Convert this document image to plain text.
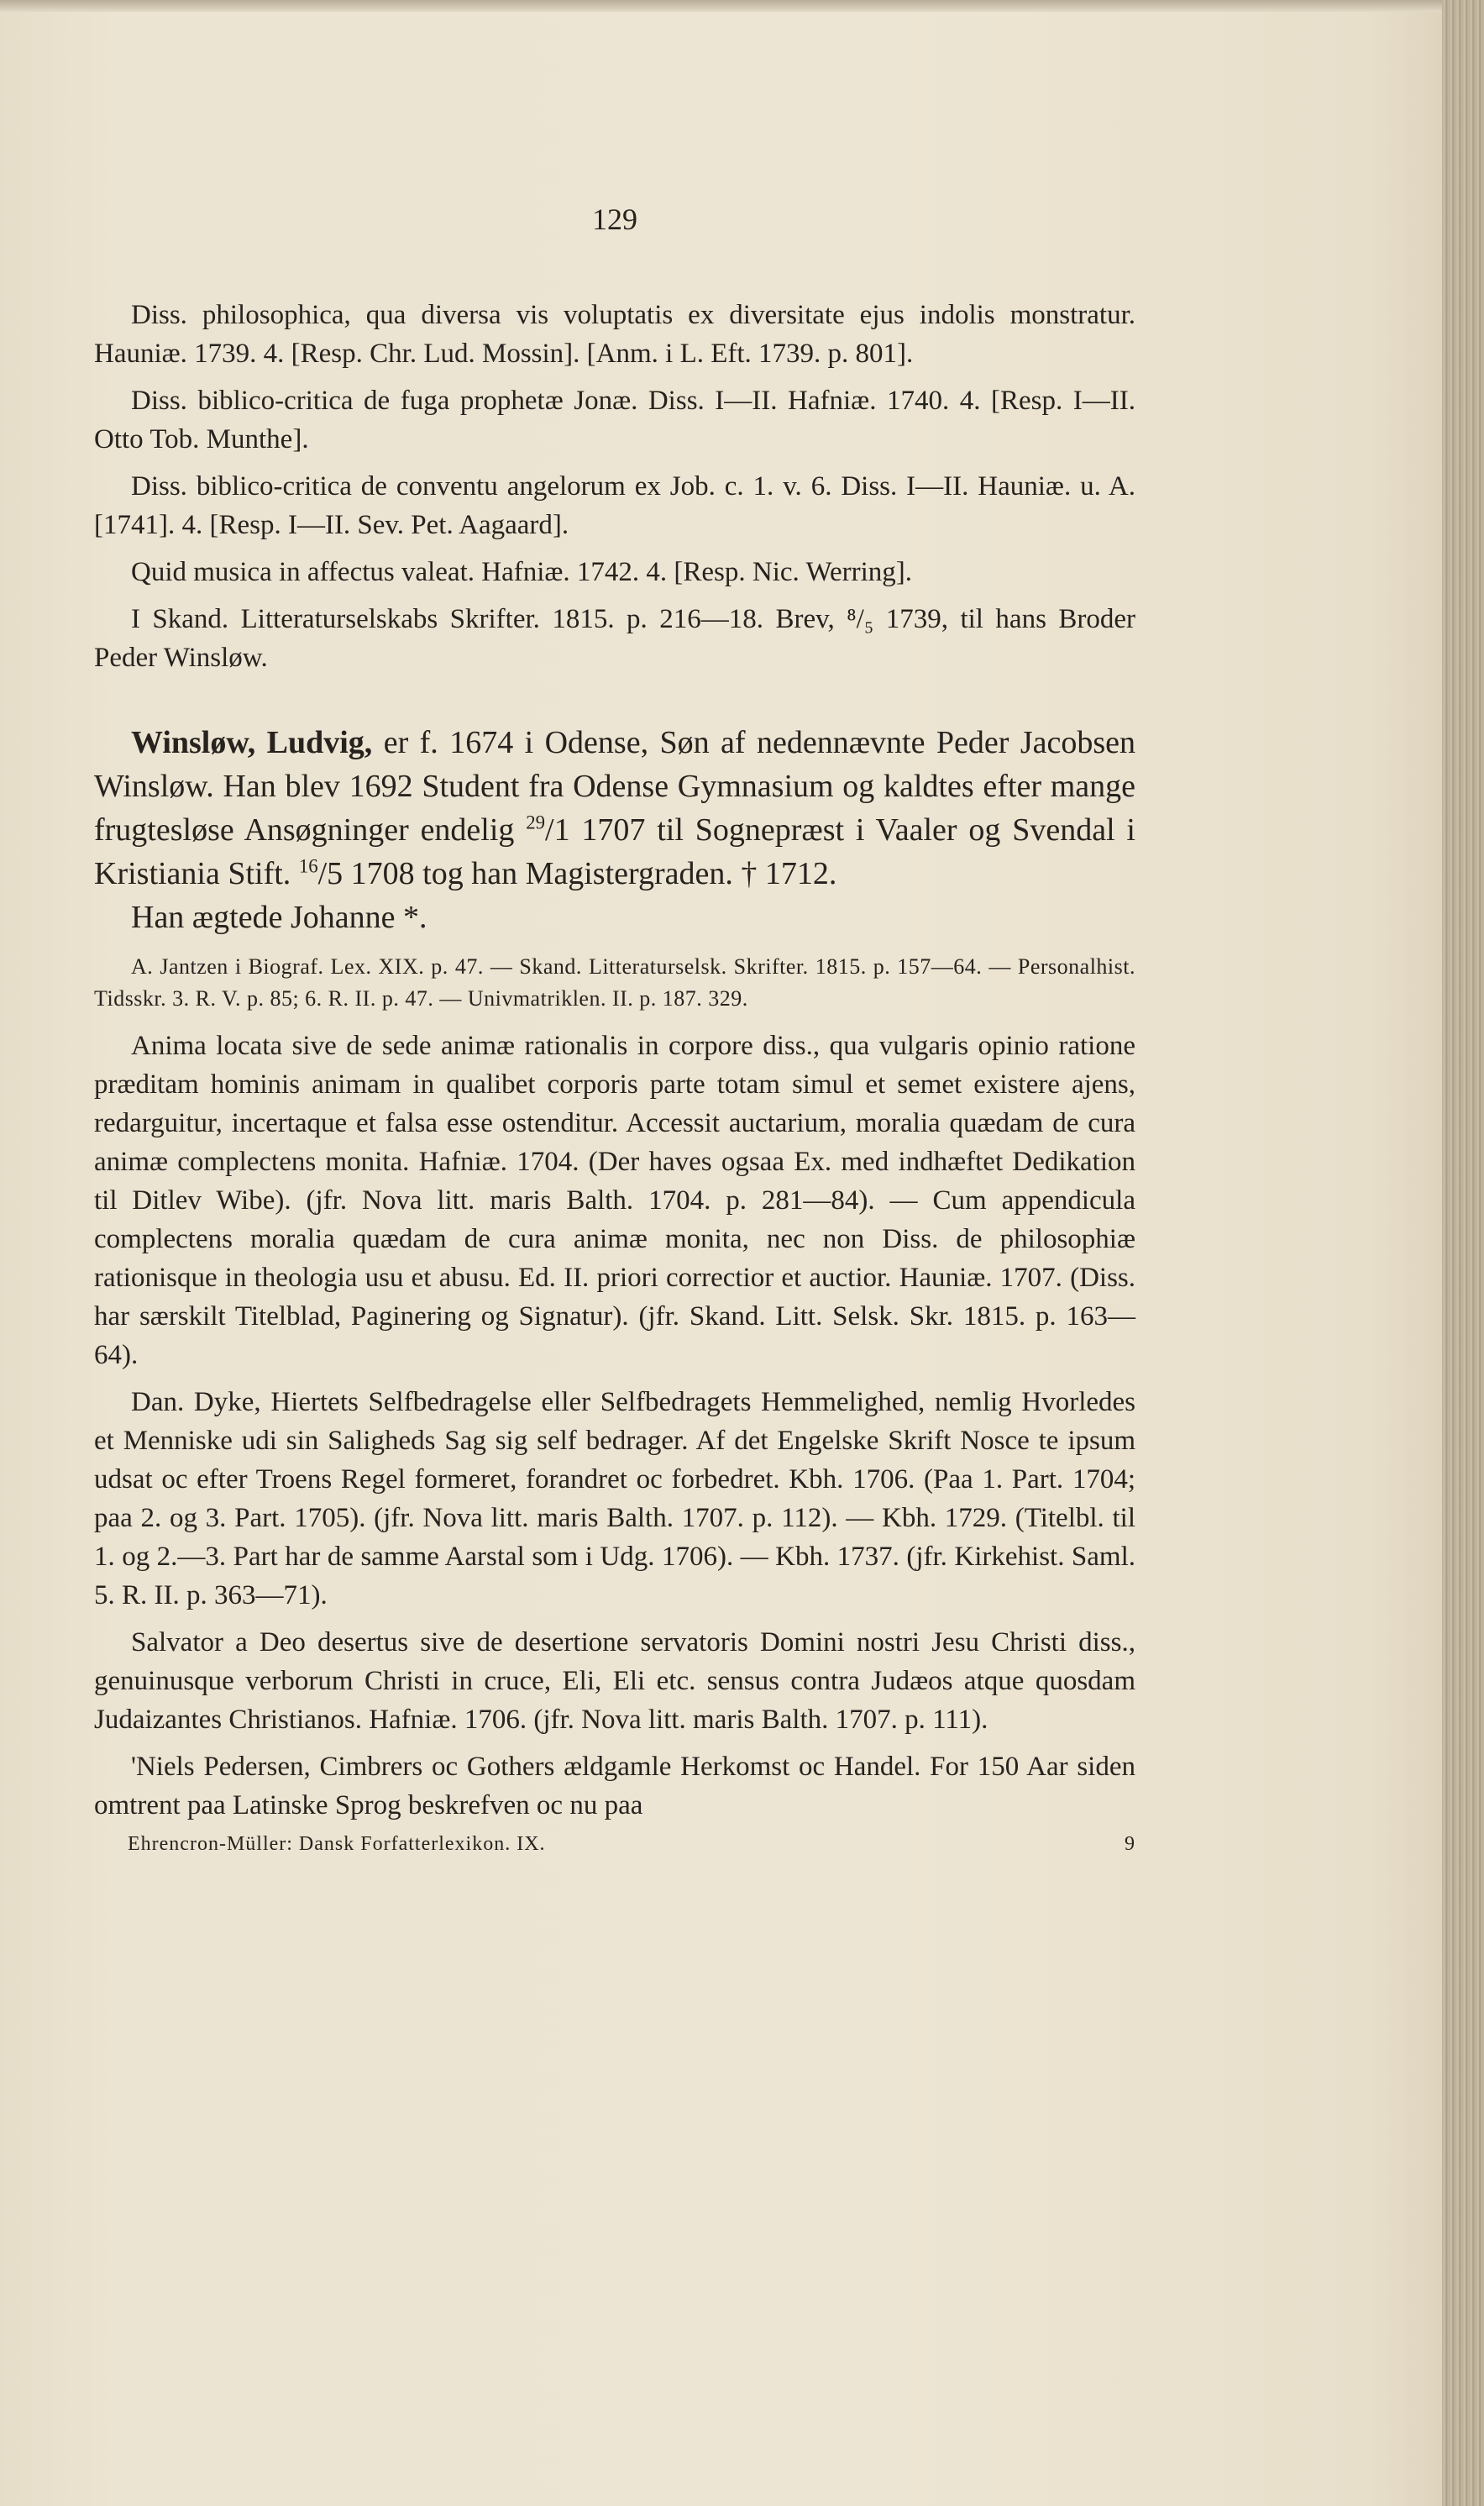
129

Diss. philosophica, qua diversa vis voluptatis ex diversitate ejus indolis monstratur. Hauniæ. 1739. 4. [Resp. Chr. Lud. Mossin]. [Anm. i L. Eft. 1739. p. 801].

Diss. biblico-critica de fuga prophetæ Jonæ. Diss. I—II. Hafniæ. 1740. 4. [Resp. I—II. Otto Tob. Munthe].

Diss. biblico-critica de conventu angelorum ex Job. c. 1. v. 6. Diss. I—II. Hauniæ. u. A. [1741]. 4. [Resp. I—II. Sev. Pet. Aagaard].

Quid musica in affectus valeat. Hafniæ. 1742. 4. [Resp. Nic. Werring].

I Skand. Litteraturselskabs Skrifter. 1815. p. 216—18. Brev, ⁸/₅ 1739, til hans Broder Peder Winsløw.

Winsløw, Ludvig, er f. 1674 i Odense, Søn af nedennævnte Peder Jacobsen Winsløw. Han blev 1692 Student fra Odense Gymnasium og kaldtes efter mange frugtesløse Ansøgninger endelig $^{29}$/1 1707 til Sognepræst i Vaaler og Svendal i Kristiania Stift. $^{16}$/5 1708 tog han Magistergraden. † 1712.

Han ægtede Johanne *.

A. Jantzen i Biograf. Lex. XIX. p. 47. — Skand. Litteraturselsk. Skrifter. 1815. p. 157—64. — Personalhist. Tidsskr. 3. R. V. p. 85; 6. R. II. p. 47. — Univmatriklen. II. p. 187. 329.

Anima locata sive de sede animæ rationalis in corpore diss., qua vulgaris opinio ratione præditam hominis animam in qualibet corporis parte totam simul et semet existere ajens, redarguitur, incertaque et falsa esse ostenditur. Accessit auctarium, moralia quædam de cura animæ complectens monita. Hafniæ. 1704. (Der haves ogsaa Ex. med indhæftet Dedikation til Ditlev Wibe). (jfr. Nova litt. maris Balth. 1704. p. 281—84). — Cum appendicula complectens moralia quædam de cura animæ monita, nec non Diss. de philosophiæ rationisque in theologia usu et abusu. Ed. II. priori correctior et auctior. Hauniæ. 1707. (Diss. har særskilt Titelblad, Paginering og Signatur). (jfr. Skand. Litt. Selsk. Skr. 1815. p. 163—64).

Dan. Dyke, Hiertets Selfbedragelse eller Selfbedragets Hemmelighed, nemlig Hvorledes et Menniske udi sin Saligheds Sag sig self bedrager. Af det Engelske Skrift Nosce te ipsum udsat oc efter Troens Regel formeret, forandret oc forbedret. Kbh. 1706. (Paa 1. Part. 1704; paa 2. og 3. Part. 1705). (jfr. Nova litt. maris Balth. 1707. p. 112). — Kbh. 1729. (Titelbl. til 1. og 2.—3. Part har de samme Aarstal som i Udg. 1706). — Kbh. 1737. (jfr. Kirkehist. Saml. 5. R. II. p. 363—71).

Salvator a Deo desertus sive de desertione servatoris Domini nostri Jesu Christi diss., genuinusque verborum Christi in cruce, Eli, Eli etc. sensus contra Judæos atque quosdam Judaizantes Christianos. Hafniæ. 1706. (jfr. Nova litt. maris Balth. 1707. p. 111).

'Niels Pedersen, Cimbrers oc Gothers ældgamle Herkomst oc Handel. For 150 Aar siden omtrent paa Latinske Sprog beskrefven oc nu paa

Ehrencron-Müller: Dansk Forfatterlexikon. IX.	9
